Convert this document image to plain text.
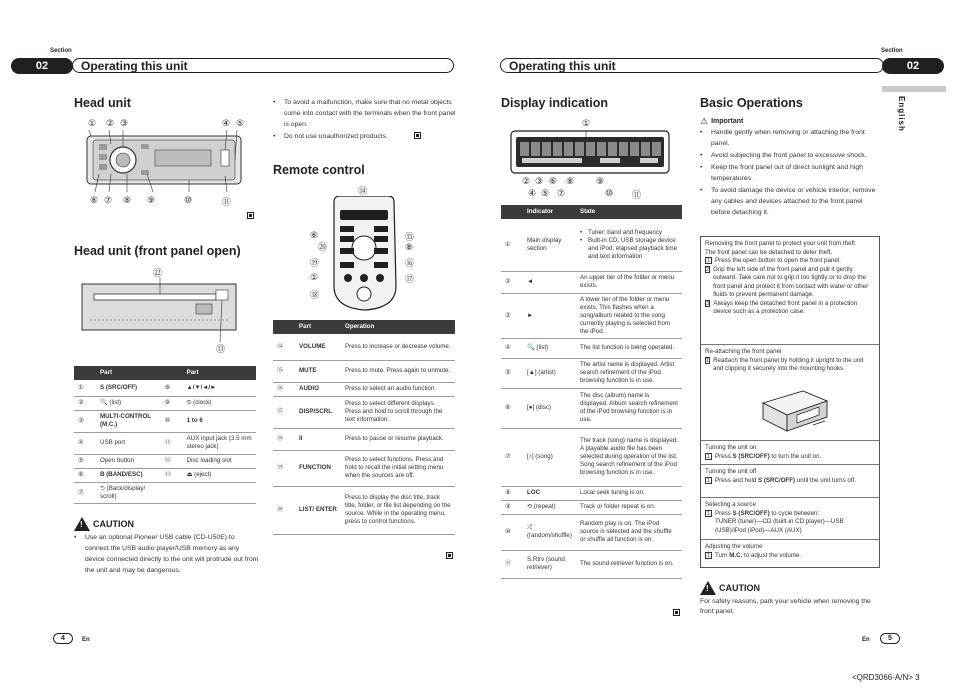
Section
02	Operating this unit
Section
Operating this unit	02
English
Head unit
① ② ③	④ ⑤
⑥ ⑦ ⑧ ⑨	⑩	⑪
Head unit (front panel open)
⑫
⑬
	Part		Part
①	S (SRC/OFF)	⑧	▲/▼/◄/►
②	🔍 (list)	⑨	⏲ (clock)
③	MULTI-CONTROL (M.C.)	⑩	1 to 6
④	USB port	⑪	AUX input jack (3.5 mm stereo jack)
⑤	Open button	⑫	Disc loading slot
⑥	B (BAND/ESC)	⑬	⏏ (eject)
⑦	⮌ (Back/display/ scroll)		
!
CAUTION
• Use an optional Pioneer USB cable (CD-U50E) to connect the USB audio player/USB memory as any device connected directly to the unit will protrude out from the unit and may be dangerous.
• To avoid a malfunction, make sure that no metal objects come into contact with the terminals when the front panel is open.
• Do not use unauthorized products.
Remote control
⑭
⑥
⑳
⑲
①
⑱
⑮
⑧
⑯
⑰
	Part	Operation
⑭	VOLUME	Press to increase or decrease volume.
⑮	MUTE	Press to mute. Press again to unmute.
⑯	AUDIO	Press to select an audio function.
⑰	DISP/SCRL	Press to select different displays. Press and hold to scroll through the text information.
⑱	II	Press to pause or resume playback.
⑲	FUNCTION	Press to select functions. Press and hold to recall the initial setting menu when the sources are off.
⑳	LIST/ ENTER	Press to display the disc title, track title, folder, or file list depending on the source. While in the operating menu, press to control functions.
Display indication
①
② ③ ⑥ ⑧ ⑨
④ ⑤ ⑦	⑩ ⑪
	Indicator	State
①	Main display section	• Tuner: band and frequency
• Built-in CD, USB storage device and iPod: elapsed playback time and text information

②	◄	An upper tier of the folder or menu exists.
③	►	A lower tier of the folder or menu exists. This flashes when a song/album related to the song currently playing is selected from the iPod.
④	🔍 (list)	The list function is being operated.
⑤	[▲] (artist)	The artist name is displayed. Artist search refinement of the iPod browsing function is in use.
⑥	[●] (disc)	The disc (album) name is displayed. Album search refinement of the iPod browsing function is in use.
⑦	[♪] (song)	The track (song) name is displayed. A playable audio file has been selected during operation of the list. Song search refinement of the iPod browsing function is in use.
⑧	LOC	Local seek tuning is on.
⑨	⟲ (repeat)	Track or folder repeat is on.
⑩	⤮ (random/shuffle)	Random play is on. The iPod source is selected and the shuffle or shuffle all function is on.
⑪	S.Rtrv (sound retriever)	The sound retriever function is on.
Basic Operations
⚠ Important
• Handle gently when removing or attaching the front panel.
• Avoid subjecting the front panel to excessive shock.
• Keep the front panel out of direct sunlight and high temperatures.
• To avoid damage the device or vehicle interior, remove any cables and devices attached to the front panel before detaching it.
Removing the front panel to protect your unit from theft
The front panel can be detached to deter theft.
1 Press the open button to open the front panel.
2 Grip the left side of the front panel and pull it gently outward. Take care not to grip it too tightly or to drop the front panel and protect it from contact with water or other fluids to prevent permanent damage.
3 Always keep the detached front panel in a protection device such as a protection case.
Re-attaching the front panel
1 Reattach the front panel by holding it upright to the unit and clipping it securely into the mounting hooks.
Turning the unit on
1 Press S (SRC/OFF) to turn the unit on.
Turning the unit off
1 Press and hold S (SRC/OFF) until the unit turns off.
Selecting a source
1 Press S (SRC/OFF) to cycle between:
TUNER (tuner)—CD (built-in CD player)—USB (USB)/iPod (iPod)—AUX (AUX)
Adjusting the volume
1 Turn M.C. to adjust the volume.
!
CAUTION
For safety reasons, park your vehicle when removing the front panel.
4	En	En	5
<QRD3066-A/N> 3
